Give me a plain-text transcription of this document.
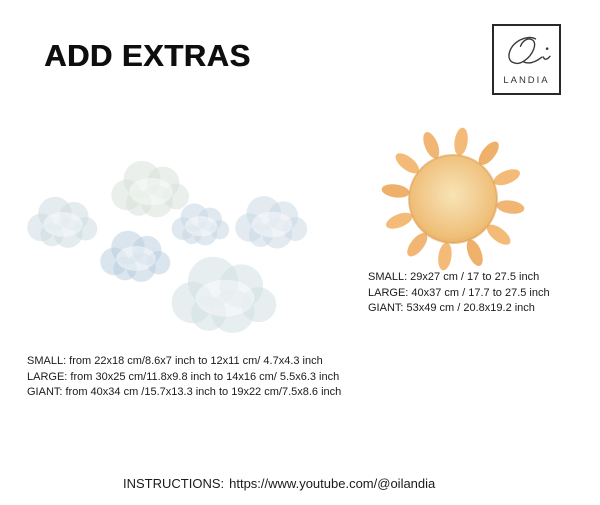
ADD EXTRAS
LANDIA
SMALL: 29x27 cm / 17 to 27.5 inch
LARGE: 40x37 cm / 17.7 to 27.5 inch
GIANT: 53x49 cm / 20.8x19.2 inch
SMALL: from 22x18 cm/8.6x7 inch to 12x11 cm/ 4.7x4.3 inch
LARGE: from 30x25 cm/11.8x9.8 inch to 14x16 cm/ 5.5x6.3 inch
GIANT: from 40x34 cm /15.7x13.3 inch to 19x22 cm/7.5x8.6 inch
INSTRUCTIONS: https://www.youtube.com/@oilandia
